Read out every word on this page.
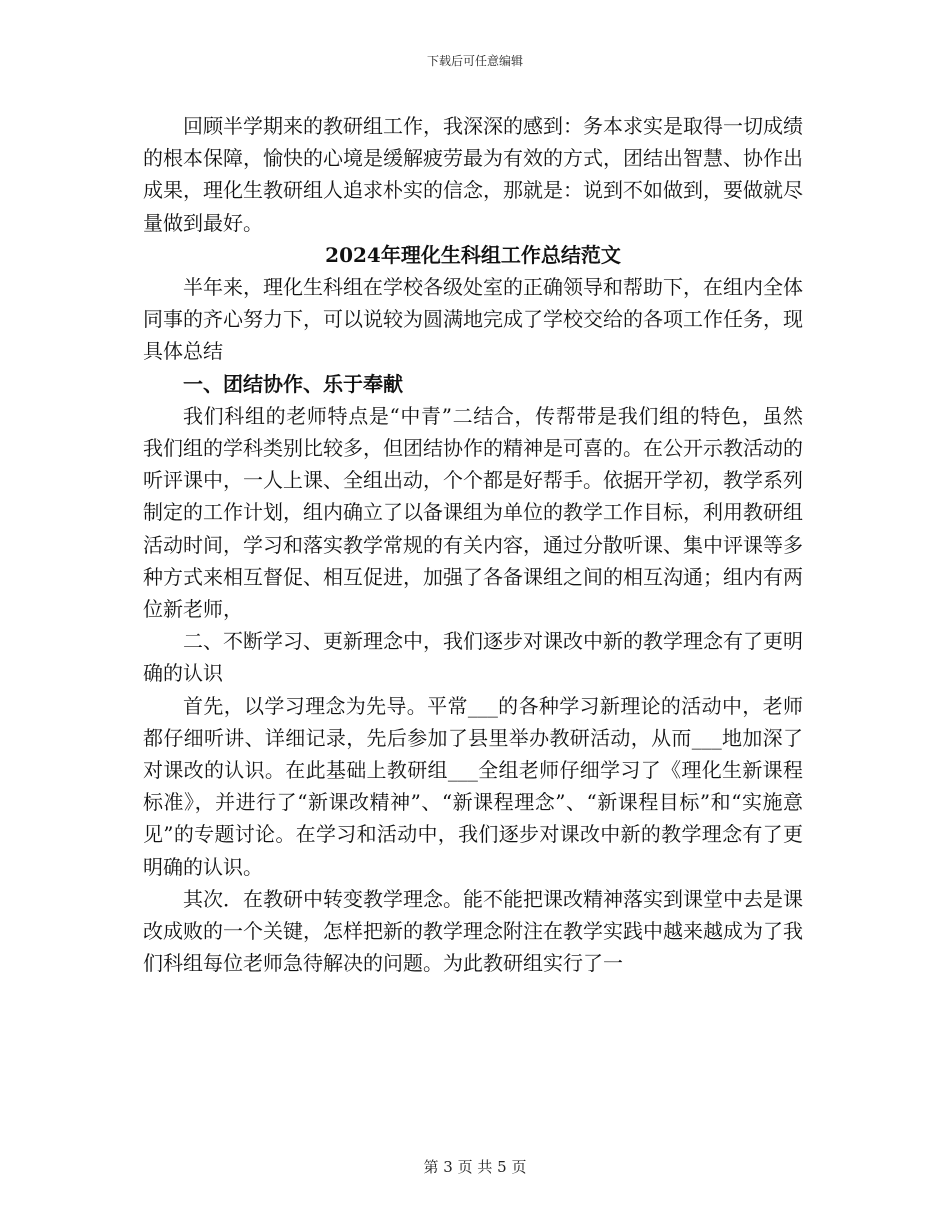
下载后可任意编辑

回顾半学期来的教研组工作，我深深的感到：务本求实是取得一切成绩的根本保障，愉快的心境是缓解疲劳最为有效的方式，团结出智慧、协作出成果，理化生教研组人追求朴实的信念，那就是：说到不如做到，要做就尽量做到最好。

2024年理化生科组工作总结范文

半年来，理化生科组在学校各级处室的正确领导和帮助下，在组内全体同事的齐心努力下，可以说较为圆满地完成了学校交给的各项工作任务，现具体总结

一、团结协作、乐于奉献

我们科组的老师特点是“中青”二结合，传帮带是我们组的特色，虽然我们组的学科类别比较多，但团结协作的精神是可喜的。在公开示教活动的听评课中，一人上课、全组出动，个个都是好帮手。依据开学初，教学系列制定的工作计划，组内确立了以备课组为单位的教学工作目标，利用教研组活动时间，学习和落实教学常规的有关内容，通过分散听课、集中评课等多种方式来相互督促、相互促进，加强了各备课组之间的相互沟通；组内有两位新老师，

二、不断学习、更新理念中，我们逐步对课改中新的教学理念有了更明确的认识

首先，以学习理念为先导。平常___的各种学习新理论的活动中，老师都仔细听讲、详细记录，先后参加了县里举办教研活动，从而___地加深了对课改的认识。在此基础上教研组___全组老师仔细学习了《理化生新课程标准》，并进行了“新课改精神”、“新课程理念”、“新课程目标”和“实施意见”的专题讨论。在学习和活动中，我们逐步对课改中新的教学理念有了更明确的认识。

其次．在教研中转变教学理念。能不能把课改精神落实到课堂中去是课改成败的一个关键，怎样把新的教学理念附注在教学实践中越来越成为了我们科组每位老师急待解决的问题。为此教研组实行了一

第 3 页 共 5 页
